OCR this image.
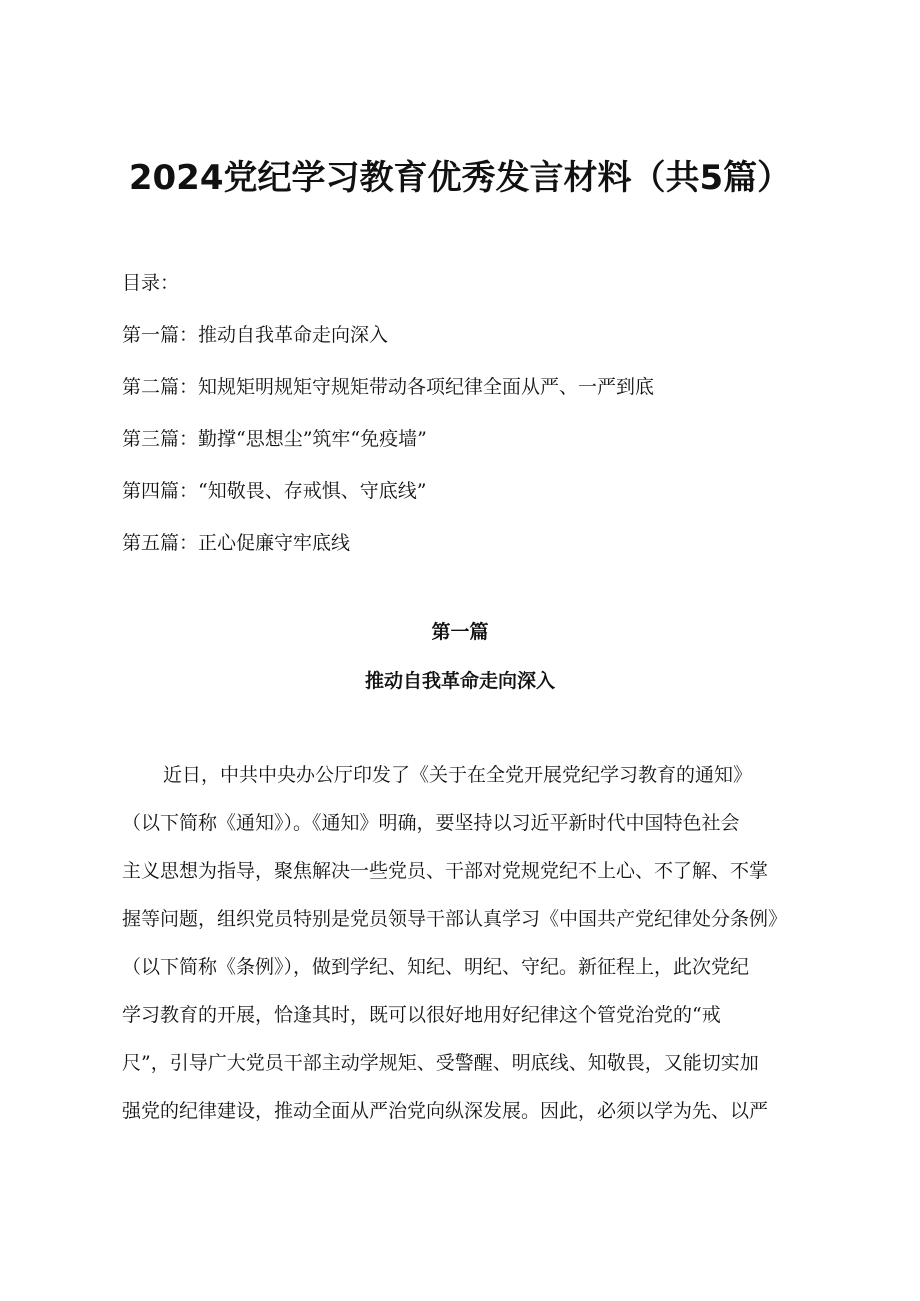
2024党纪学习教育优秀发言材料（共5篇）
目录：
第一篇：推动自我革命走向深入
第二篇：知规矩明规矩守规矩带动各项纪律全面从严、一严到底
第三篇：勤撑“思想尘”筑牢“免疫墙”
第四篇：“知敬畏、存戒惧、守底线”
第五篇：正心促廉守牢底线
第一篇
推动自我革命走向深入
近日，中共中央办公厅印发了《关于在全党开展党纪学习教育的通知》
（以下简称《通知》）。《通知》明确，要坚持以习近平新时代中国特色社会
主义思想为指导，聚焦解决一些党员、干部对党规党纪不上心、不了解、不掌
握等问题，组织党员特别是党员领导干部认真学习《中国共产党纪律处分条例》
（以下简称《条例》），做到学纪、知纪、明纪、守纪。新征程上，此次党纪
学习教育的开展，恰逢其时，既可以很好地用好纪律这个管党治党的“戒
尺”，引导广大党员干部主动学规矩、受警醒、明底线、知敬畏，又能切实加
强党的纪律建设，推动全面从严治党向纵深发展。因此，必须以学为先、以严
